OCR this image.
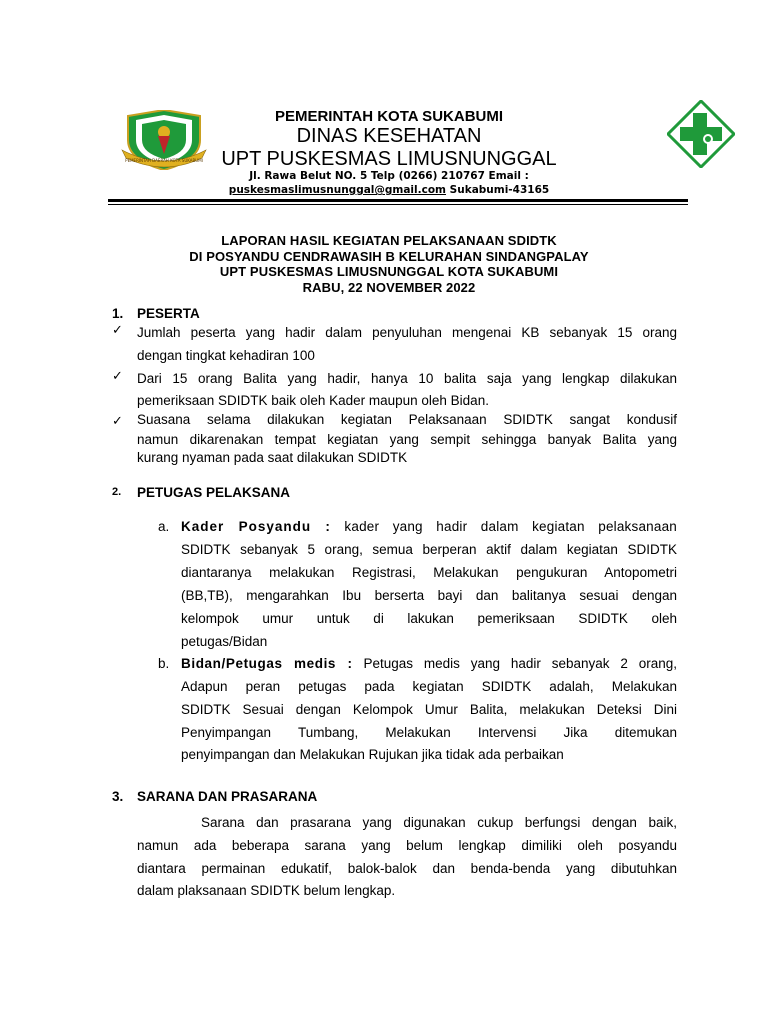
PEMERINTAH DAERAH KOTA SUKABUMI
PEMERINTAH KOTA SUKABUMI
DINAS KESEHATAN
UPT PUSKESMAS LIMUSNUNGGAL
Jl. Rawa Belut NO. 5 Telp (0266) 210767 Email :
puskesmaslimusnunggal@gmail.com Sukabumi-43165
LAPORAN HASIL KEGIATAN PELAKSANAAN SDIDTK
DI POSYANDU CENDRAWASIH B KELURAHAN SINDANGPALAY
UPT PUSKESMAS LIMUSNUNGGAL KOTA SUKABUMI
RABU, 22 NOVEMBER 2022
1. PESERTA
✓ Jumlah peserta yang hadir dalam penyuluhan mengenai KB sebanyak 15 orang
dengan tingkat kehadiran 100
✓ Dari 15 orang Balita yang hadir, hanya 10 balita saja yang lengkap dilakukan
pemeriksaan SDIDTK baik oleh Kader maupun oleh Bidan.
✓ Suasana selama dilakukan kegiatan Pelaksanaan SDIDTK sangat kondusif
namun dikarenakan tempat kegiatan yang sempit sehingga banyak Balita yang
kurang nyaman pada saat dilakukan SDIDTK
2. PETUGAS PELAKSANA
a. Kader Posyandu : kader yang hadir dalam kegiatan pelaksanaan
SDIDTK sebanyak 5 orang, semua berperan aktif dalam kegiatan SDIDTK
diantaranya melakukan Registrasi, Melakukan pengukuran Antopometri
(BB,TB), mengarahkan Ibu berserta bayi dan balitanya sesuai dengan
kelompok umur untuk di lakukan pemeriksaan SDIDTK oleh
petugas/Bidan
b. Bidan/Petugas medis : Petugas medis yang hadir sebanyak 2 orang,
Adapun peran petugas pada kegiatan SDIDTK adalah, Melakukan
SDIDTK Sesuai dengan Kelompok Umur Balita, melakukan Deteksi Dini
Penyimpangan Tumbang, Melakukan Intervensi Jika ditemukan
penyimpangan dan Melakukan Rujukan jika tidak ada perbaikan
3. SARANA DAN PRASARANA
Sarana dan prasarana yang digunakan cukup berfungsi dengan baik,
namun ada beberapa sarana yang belum lengkap dimiliki oleh posyandu
diantara permainan edukatif, balok-balok dan benda-benda yang dibutuhkan
dalam plaksanaan SDIDTK belum lengkap.
